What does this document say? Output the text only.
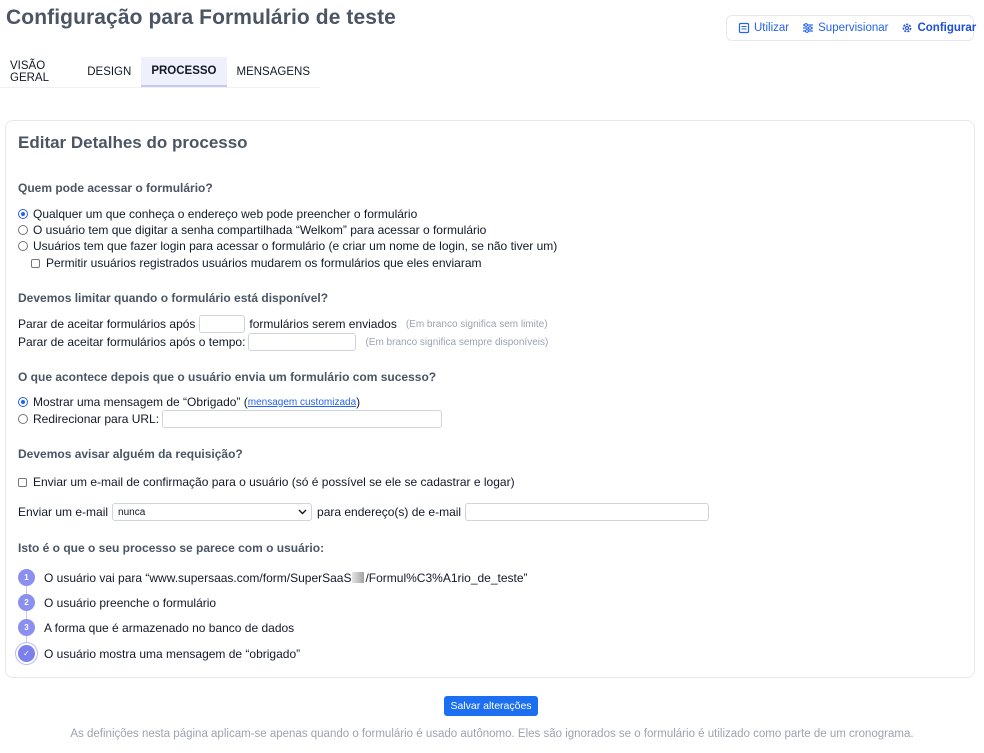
Configuração para Formulário de teste	Utilizar	Supervisionar	Configurar
VISÃO GERAL	DESIGN	PROCESSO	MENSAGENS
Editar Detalhes do processo
Quem pode acessar o formulário?
Qualquer um que conheça o endereço web pode preencher o formulário
O usuário tem que digitar a senha compartilhada “Welkom” para acessar o formulário
Usuários tem que fazer login para acessar o formulário (e criar um nome de login, se não tiver um)
Permitir usuários registrados usuários mudarem os formulários que eles enviaram
Devemos limitar quando o formulário está disponível?
Parar de aceitar formulários após	formulários serem enviados (Em branco significa sem limite)
Parar de aceitar formulários após o tempo:	(Em branco significa sempre disponíveis)
O que acontece depois que o usuário envia um formulário com sucesso?
Mostrar uma mensagem de “Obrigado” ( mensagem customizada )
Redirecionar para URL:
Devemos avisar alguém da requisição?
Enviar um e-mail de confirmação para o usuário (só é possível se ele se cadastrar e logar)
Enviar um e-mail nunca	para endereço(s) de e-mail
Isto é o que o seu processo se parece com o usuário:
1	O usuário vai para “www.supersaas.com/form/SuperSaaS /Formul%C3%A1rio_de_teste”
2	O usuário preenche o formulário
3	A forma que é armazenado no banco de dados
✓	O usuário mostra uma mensagem de “obrigado”
Salvar alterações
As definições nesta página aplicam-se apenas quando o formulário é usado autônomo. Eles são ignorados se o formulário é utilizado como parte de um cronograma.
